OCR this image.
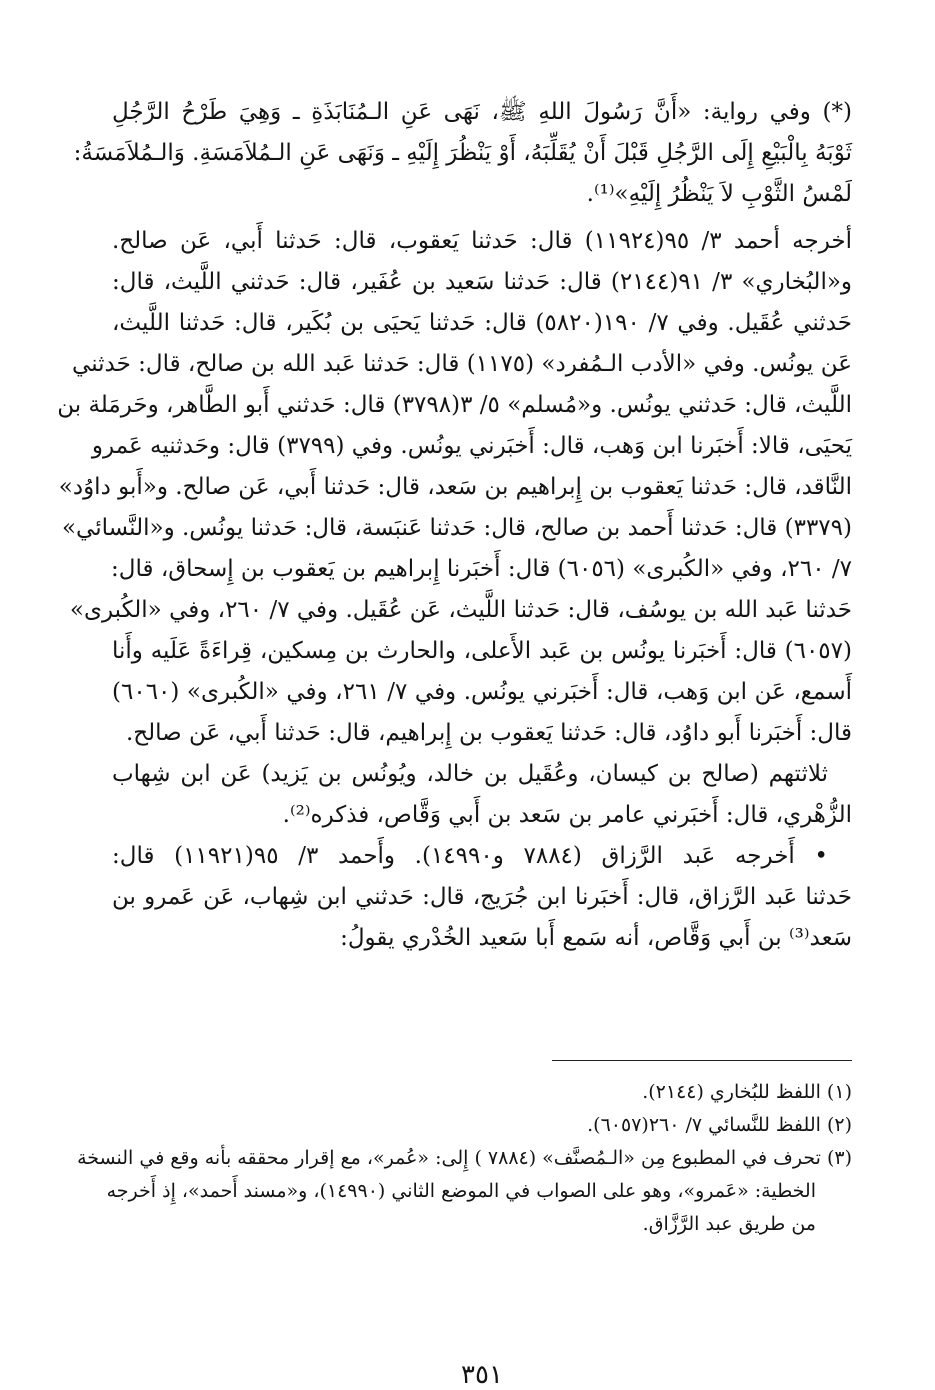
(*) وفي رواية: «أَنَّ رَسُولَ اللهِ ﷺ، نَهَى عَنِ الـمُنَابَذَةِ ـ وَهِيَ طَرْحُ الرَّجُلِ
ثَوْبَهُ بِالْبَيْعِ إِلَى الرَّجُلِ قَبْلَ أَنْ يُقَلِّبَهُ، أَوْ يَنْظُرَ إِلَيْهِ ـ وَنَهَى عَنِ الـمُلاَمَسَةِ. وَالـمُلاَمَسَةُ:
لَمْسُ الثَّوْبِ لاَ يَنْظُرُ إِلَيْهِ»⁽¹⁾.
أخرجه أحمد ٣/ ٩٥(١١٩٢٤) قال: حَدثنا يَعقوب، قال: حَدثنا أَبي، عَن صالح.
و«البُخاري» ٣/ ٩١(٢١٤٤) قال: حَدثنا سَعيد بن عُفَير، قال: حَدثني اللَّيث، قال:
حَدثني عُقَيل. وفي ٧/ ١٩٠(٥٨٢٠) قال: حَدثنا يَحيَى بن بُكَير، قال: حَدثنا اللَّيث،
عَن يونُس. وفي «الأدب الـمُفرد» (١١٧٥) قال: حَدثنا عَبد الله بن صالح، قال: حَدثني
اللَّيث، قال: حَدثني يونُس. و«مُسلم» ٥/ ٣(٣٧٩٨) قال: حَدثني أَبو الطَّاهر، وحَرمَلة بن
يَحيَى، قالا: أَخبَرنا ابن وَهب، قال: أَخبَرني يونُس. وفي (٣٧٩٩) قال: وحَدثنيه عَمرو
النَّاقد، قال: حَدثنا يَعقوب بن إِبراهيم بن سَعد، قال: حَدثنا أَبي، عَن صالح. و«أَبو داوُد»
(٣٣٧٩) قال: حَدثنا أَحمد بن صالح، قال: حَدثنا عَنبَسة، قال: حَدثنا يونُس. و«النَّسائي»
٧/ ٢٦٠، وفي «الكُبرى» (٦٠٥٦) قال: أَخبَرنا إِبراهيم بن يَعقوب بن إِسحاق، قال:
حَدثنا عَبد الله بن يوسُف، قال: حَدثنا اللَّيث، عَن عُقَيل. وفي ٧/ ٢٦٠، وفي «الكُبرى»
(٦٠٥٧) قال: أَخبَرنا يونُس بن عَبد الأَعلى، والحارث بن مِسكين، قِراءَةً عَلَيه وأَنا
أَسمع، عَن ابن وَهب، قال: أَخبَرني يونُس. وفي ٧/ ٢٦١، وفي «الكُبرى» (٦٠٦٠)
قال: أَخبَرنا أَبو داوُد، قال: حَدثنا يَعقوب بن إِبراهيم، قال: حَدثنا أَبي، عَن صالح.
ثلاثتهم (صالح بن كيسان، وعُقَيل بن خالد، ويُونُس بن يَزيد) عَن ابن شِهاب
الزُّهْري، قال: أَخبَرني عامر بن سَعد بن أَبي وَقَّاص، فذكره⁽²⁾.
• أَخرجه عَبد الرَّزاق (٧٨٨٤ و١٤٩٩٠). وأَحمد ٣/ ٩٥(١١٩٢١) قال:
حَدثنا عَبد الرَّزاق، قال: أَخبَرنا ابن جُرَيج، قال: حَدثني ابن شِهاب، عَن عَمرو بن
سَعد⁽³⁾ بن أَبي وَقَّاص، أنه سَمع أَبا سَعيد الخُدْري يقولُ:
(١) اللفظ للبُخاري (٢١٤٤).
(٢) اللفظ للنَّسائي ٧/ ٢٦٠(٦٠٥٧).
(٣) تحرف في المطبوع مِن «الـمُصنَّف» (٧٨٨٤ ) إِلى: «عُمر»، مع إقرار محققه بأنه وقع في النسخة
الخطية: «عَمرو»، وهو على الصواب في الموضع الثاني (١٤٩٩٠)، و«مسند أَحمد»، إِذ أَخرجه
من طريق عبد الرَّزَّاق.
٣٥١
